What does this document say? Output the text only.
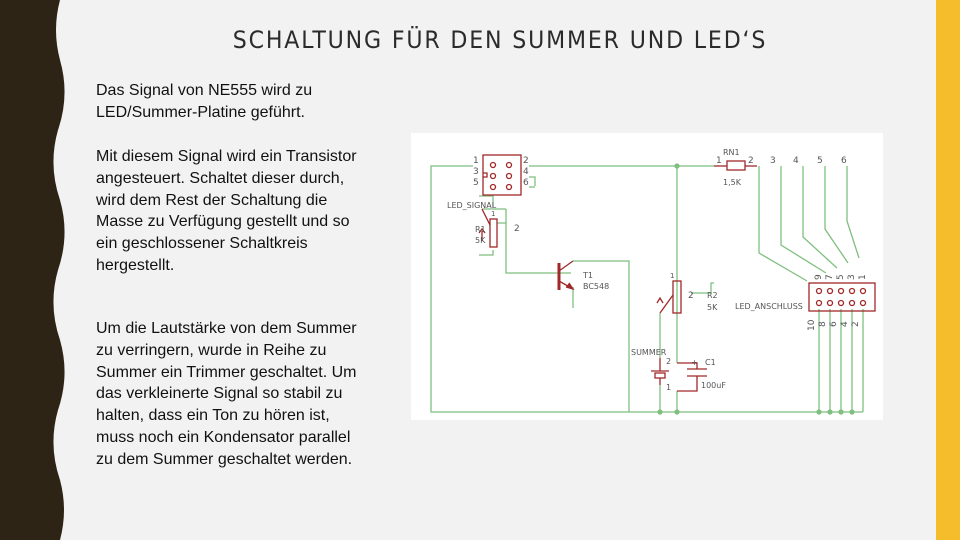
SCHALTUNG FÜR DEN SUMMER UND LED‘S

Das Signal von NE555 wird zu LED/Summer-Platine geführt.

Mit diesem Signal wird ein Transistor angesteuert. Schaltet dieser durch, wird dem Rest der Schaltung die Masse zu Verfügung gestellt und so ein geschlossener Schaltkreis hergestellt.

Um die Lautstärke von dem Summer zu verringern, wurde in Reihe zu Summer ein Trimmer geschaltet. Um das verkleinerte Signal so stabil zu halten, dass ein Ton zu hören ist, muss noch ein Kondensator parallel zu dem Summer geschaltet werden.

1
3
5
2
4
6
LED_SIGNAL
R1
5K
2
1
T1
BC548
R2
5K
2
1
SUMMER
2
1
+ C1
100uF
RN1
1,5K
1	2 3 4 5 6
LED_ANSCHLUSS
9 7 5 3 1
10 8 6 4 2
